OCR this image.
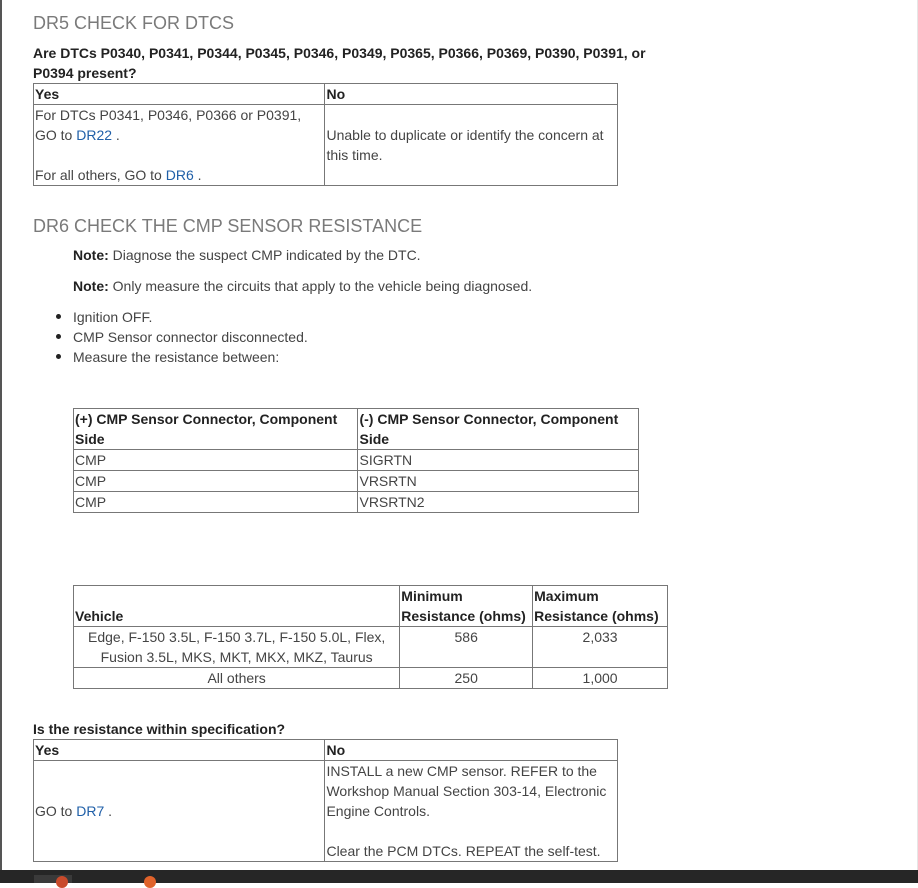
DR5 CHECK FOR DTCS
Are DTCs P0340, P0341, P0344, P0345, P0346, P0349, P0365, P0366, P0369, P0390, P0391, or P0394 present?
Yes	No

For DTCs P0341, P0346, P0366 or P0391, GO to DR22 .
For all others, GO to DR6 .	Unable to duplicate or identify the concern at this time.
DR6 CHECK THE CMP SENSOR RESISTANCE
Note: Diagnose the suspect CMP indicated by the DTC.
Note: Only measure the circuits that apply to the vehicle being diagnosed.
Ignition OFF.
CMP Sensor connector disconnected.
Measure the resistance between:
(+) CMP Sensor Connector, Component Side	(-) CMP Sensor Connector, Component Side
CMP	SIGRTN
CMP	VRSRTN
CMP	VRSRTN2
Vehicle	Minimum Resistance (ohms)	Maximum Resistance (ohms)
Edge, F-150 3.5L, F-150 3.7L, F-150 5.0L, Flex, Fusion 3.5L, MKS, MKT, MKX, MKZ, Taurus	586	2,033
All others	250	1,000
Is the resistance within specification?
Yes	No
GO to DR7 .	INSTALL a new CMP sensor. REFER to the Workshop Manual Section 303-14, Electronic Engine Controls.
Clear the PCM DTCs. REPEAT the self-test.
